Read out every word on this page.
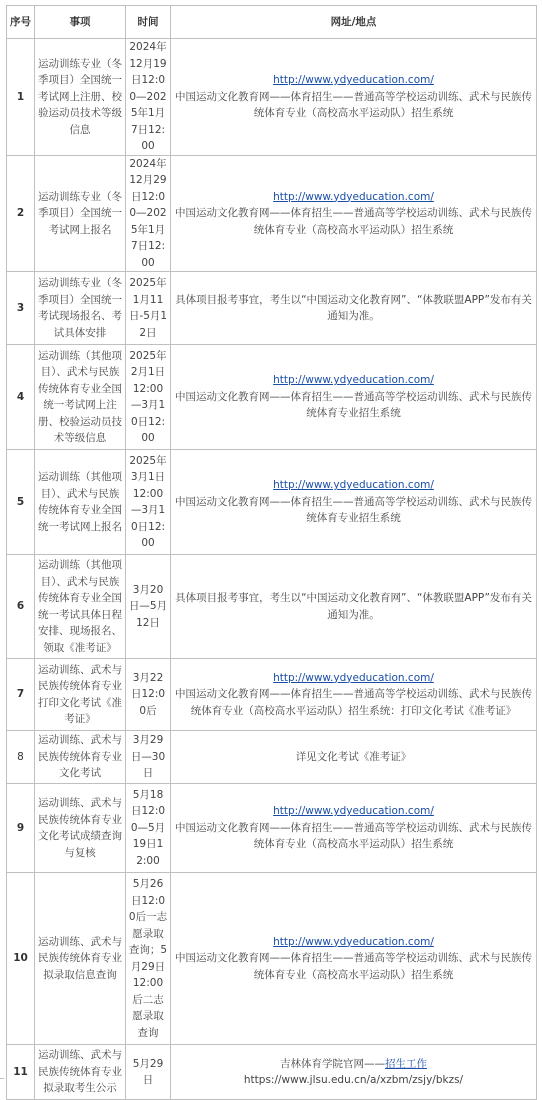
序号	事项	时间	网址/地点
1	运动训练专业（冬季项目）全国统一考试网上注册、校验运动员技术等级信息	2024年12月19日12:00—2025年1月7日12:00	http://www.ydyeducation.com/
中国运动文化教育网——体育招生——普通高等学校运动训练、武术与民族传统体育专业（高校高水平运动队）招生系统

2	运动训练专业（冬季项目）全国统一考试网上报名	2024年12月29日12:00—2025年1月7日12:00	http://www.ydyeducation.com/
中国运动文化教育网——体育招生——普通高等学校运动训练、武术与民族传统体育专业（高校高水平运动队）招生系统

3	运动训练专业（冬季项目）全国统一考试现场报名、考试具体安排	2025年1月11日-5月12日	具体项目报考事宜，考生以“中国运动文化教育网”、“体教联盟APP”发布有关通知为准。
4	运动训练（其他项目）、武术与民族传统体育专业全国统一考试网上注册、校验运动员技术等级信息	2025年2月1日12:00—3月10日12:00	http://www.ydyeducation.com/
中国运动文化教育网——体育招生——普通高等学校运动训练、武术与民族传统体育专业招生系统

5	运动训练（其他项目）、武术与民族传统体育专业全国统一考试网上报名	2025年3月1日12:00—3月10日12:00	http://www.ydyeducation.com/
中国运动文化教育网——体育招生——普通高等学校运动训练、武术与民族传统体育专业招生系统

6	运动训练（其他项目）、武术与民族传统体育专业全国统一考试具体日程安排、现场报名、领取《准考证》	3月20日—5月12日	具体项目报考事宜，考生以“中国运动文化教育网”、“体教联盟APP”发布有关通知为准。
7	运动训练、武术与民族传统体育专业打印文化考试《准考证》	3月22日12:00后	http://www.ydyeducation.com/
中国运动文化教育网——体育招生——普通高等学校运动训练、武术与民族传统体育专业（高校高水平运动队）招生系统：打印文化考试《准考证》

8	运动训练、武术与民族传统体育专业文化考试	3月29日—30日	详见文化考试《准考证》
9	运动训练、武术与民族传统体育专业文化考试成绩查询与复核	5月18日12:00—5月19日12:00	http://www.ydyeducation.com/
中国运动文化教育网——体育招生——普通高等学校运动训练、武术与民族传统体育专业（高校高水平运动队）招生系统

10	运动训练、武术与民族传统体育专业拟录取信息查询	5月26日12:00后一志愿录取查询；5月29日12:00后二志愿录取查询	http://www.ydyeducation.com/
中国运动文化教育网——体育招生——普通高等学校运动训练、武术与民族传统体育专业（高校高水平运动队）招生系统

11	运动训练、武术与民族传统体育专业拟录取考生公示	5月29日	吉林体育学院官网——招生工作
https://www.jlsu.edu.cn/a/xzbm/zsjy/bkzs/
